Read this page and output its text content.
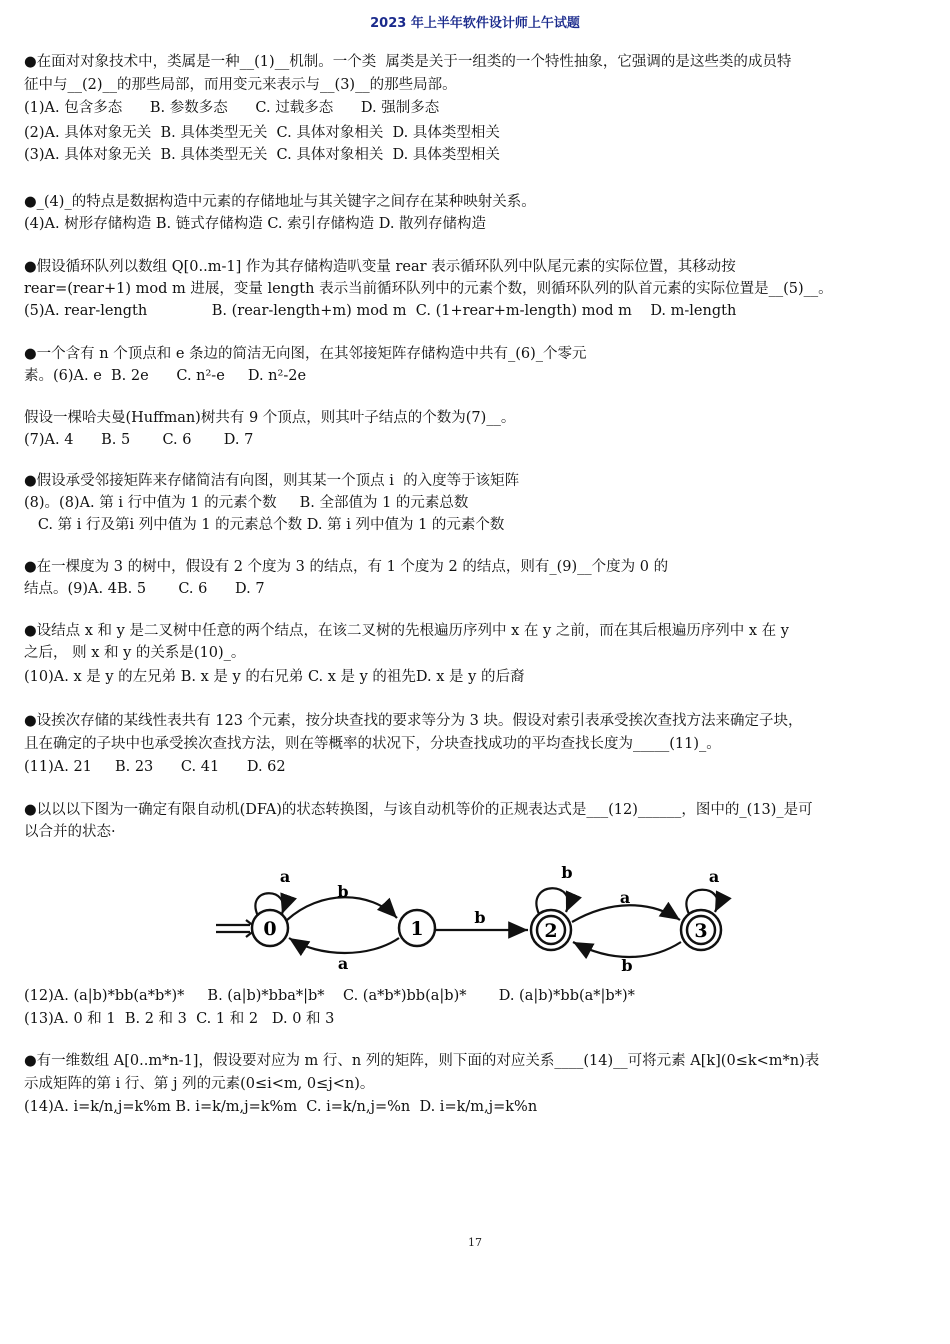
2023 年上半年软件设计师上午试题
●在面对对象技术中，类属是一种__(1)__机制。一个类  属类是关于一组类的一个特性抽象，它强调的是这些类的成员特
征中与__(2)__的那些局部，而用变元来表示与__(3)__的那些局部。
(1)A. 包含多态      B. 参数多态      C. 过载多态      D. 强制多态
(2)A. 具体对象无关  B. 具体类型无关  C. 具体对象相关  D. 具体类型相关
(3)A. 具体对象无关  B. 具体类型无关  C. 具体对象相关  D. 具体类型相关
●_(4)_的特点是数据构造中元素的存储地址与其关键字之间存在某种映射关系。
(4)A. 树形存储构造 B. 链式存储构造 C. 索引存储构造 D. 散列存储构造
●假设循环队列以数组 Q[0..m-1] 作为其存储构造叭变量 rear 表示循环队列中队尾元素的实际位置，其移动按
rear=(rear+1) mod m 进展，变量 length 表示当前循环队列中的元素个数，则循环队列的队首元素的实际位置是__(5)__。
(5)A. rear-length              B. (rear-length+m) mod m  C. (1+rear+m-length) mod m    D. m-length
●一个含有 n 个顶点和 e 条边的简洁无向图，在其邻接矩阵存储构造中共有_(6)_个零元
素。(6)A. e  B. 2e      C. n²-e     D. n²-2e
假设一棵哈夫曼(Huffman)树共有 9 个顶点，则其叶子结点的个数为(7)__。
(7)A. 4      B. 5       C. 6       D. 7
●假设承受邻接矩阵来存储简洁有向图，则其某一个顶点 i  的入度等于该矩阵
(8)。(8)A. 第 i 行中值为 1 的元素个数     B. 全部值为 1 的元素总数
C. 第 i 行及第i 列中值为 1 的元素总个数 D. 第 i 列中值为 1 的元素个数
●在一棵度为 3 的树中，假设有 2 个度为 3 的结点，有 1 个度为 2 的结点，则有_(9)__个度为 0 的
结点。(9)A. 4B. 5       C. 6      D. 7
●设结点 x 和 y 是二叉树中任意的两个结点，在该二叉树的先根遍历序列中 x 在 y 之前，而在其后根遍历序列中 x 在 y
之后， 则 x 和 y 的关系是(10)_。
(10)A. x 是 y 的左兄弟 B. x 是 y 的右兄弟 C. x 是 y 的祖先D. x 是 y 的后裔
●设挨次存储的某线性表共有 123 个元素，按分块查找的要求等分为 3 块。假设对索引表承受挨次查找方法来确定子块，
且在确定的子块中也承受挨次查找方法，则在等概率的状况下，分块查找成功的平均查找长度为_____(11)_。
(11)A. 21     B. 23      C. 41      D. 62
●以以以下图为一确定有限自动机(DFA)的状态转换图，与该自动机等价的正规表达式是___(12)______，图中的_(13)_是可
以合并的状态·
(12)A. (a|b)*bb(a*b*)*     B. (a|b)*bba*|b*    C. (a*b*)bb(a|b)*       D. (a|b)*bb(a*|b*)*
(13)A. 0 和 1  B. 2 和 3  C. 1 和 2   D. 0 和 3
●有一维数组 A[0..m*n-1]，假设要对应为 m 行、n 列的矩阵，则下面的对应关系____(14)__可将元素 A[k](0≤k<m*n)表
示成矩阵的第 i 行、第 j 列的元素(0≤i<m, 0≤j<n)。
(14)A. i=k/n,j=k%m B. i=k/m,j=k%m  C. i=k/n,j=%n  D. i=k/m,j=k%n
0
a
b
a
1
b
2
b
a
b
3
a
17
